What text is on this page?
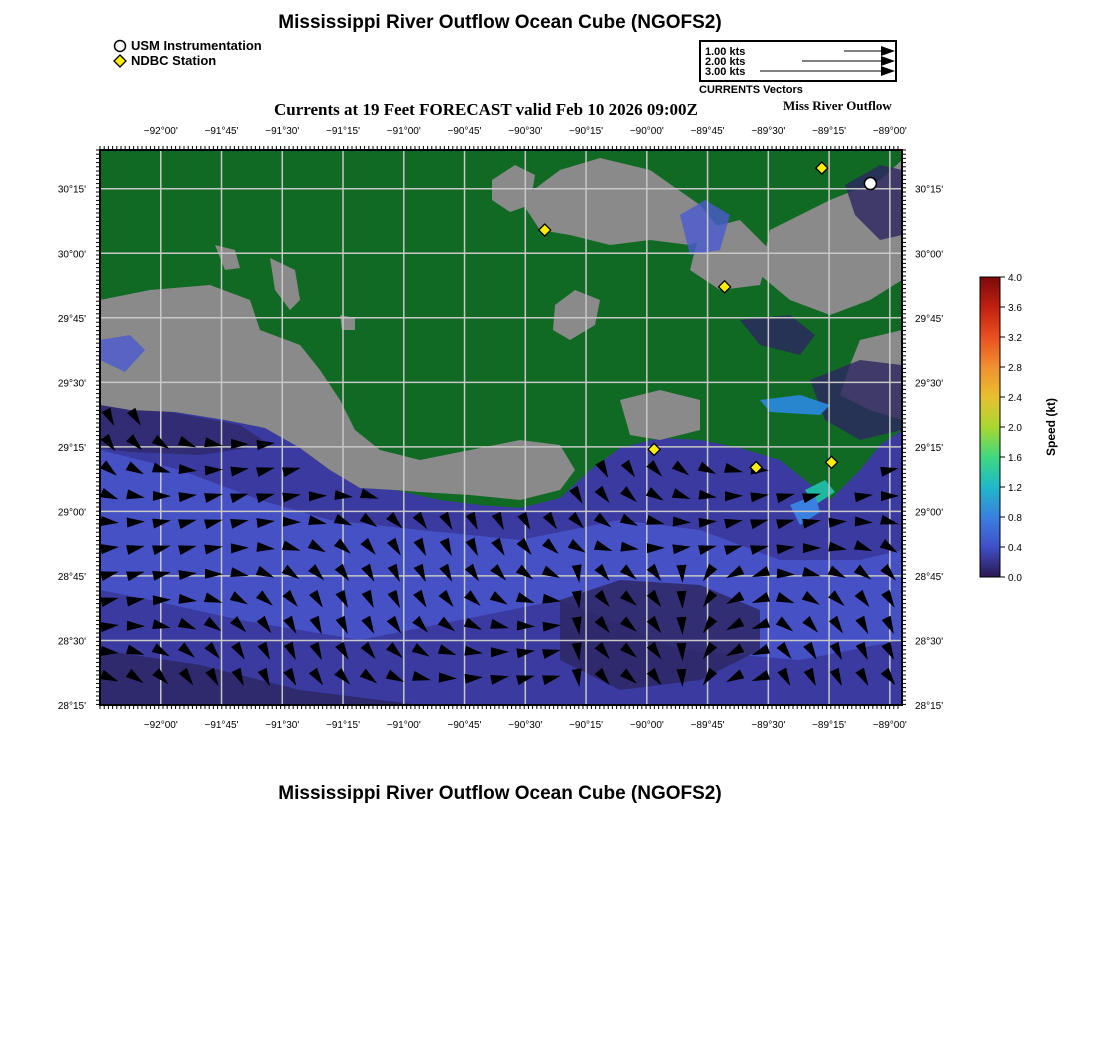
Mississippi River Outflow Ocean Cube (NGOFS2)
USM Instrumentation
NDBC Station
1.00 kts
2.00 kts
3.00 kts
CURRENTS Vectors
Currents at 19 Feet FORECAST valid Feb 10 2026 09:00Z	Miss River Outflow
−92°00'	−91°45'	−91°30'	−91°15'	−91°00'	−90°45'	−90°30'	−90°15'	−90°00'	−89°45'	−89°30'	−89°15'	−89°00'
−92°00'	−91°45'	−91°30'	−91°15'	−91°00'	−90°45'	−90°30'	−90°15'	−90°00'	−89°45'	−89°30'	−89°15'	−89°00'
30°15'
30°00'
29°45'
29°30'
29°15'
29°00'
28°45'
28°30'
28°15'
30°15'
30°00'
29°45'
29°30'
29°15'
29°00'
28°45'
28°30'
28°15'
4.0
3.6
3.2
2.8
2.4
2.0
1.6
1.2
0.8
0.4
0.0
Speed (kt)
Mississippi River Outflow Ocean Cube (NGOFS2)
